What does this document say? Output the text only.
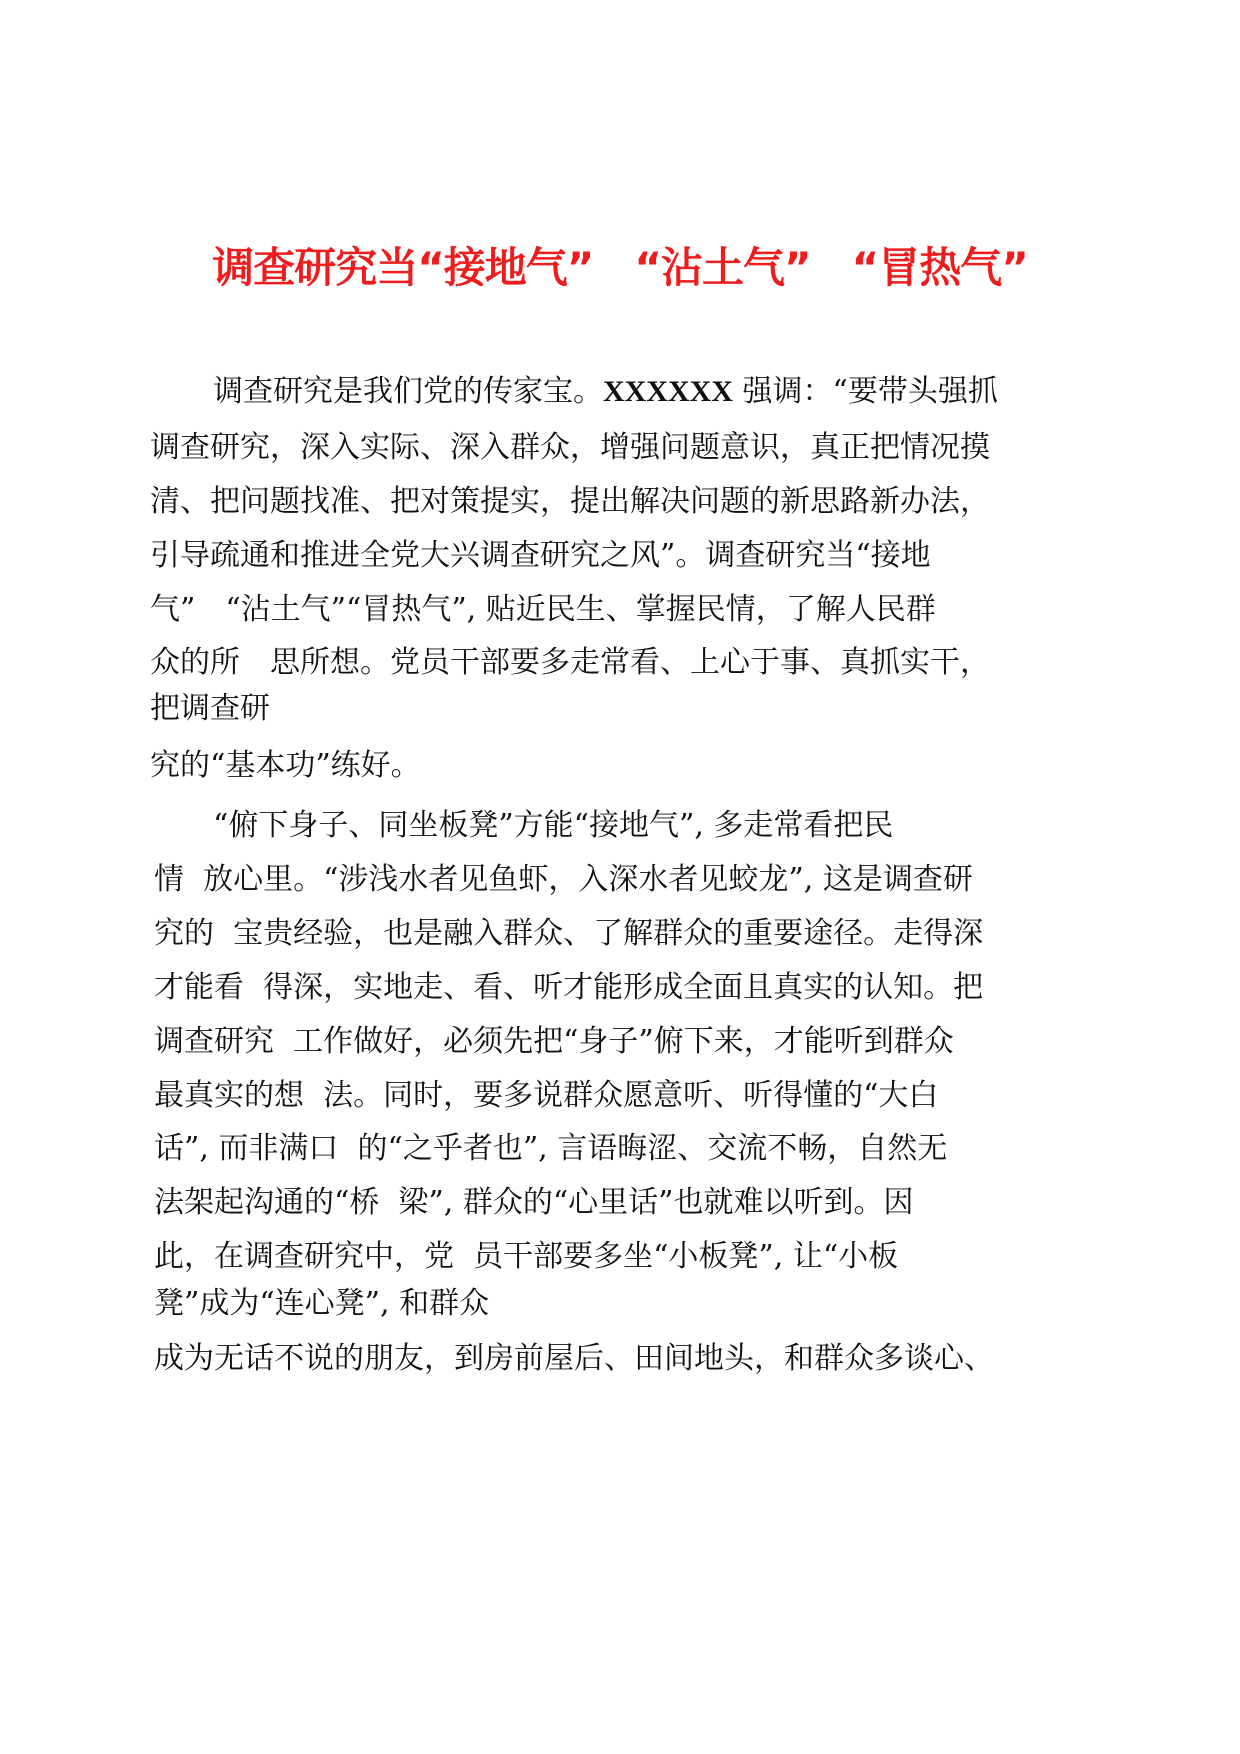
调查研究当“接地气”　“沾土气”　“冒热气”
调查研究是我们党的传家宝。XXXXXX 强调：“要带头强抓
调查研究，深入实际、深入群众，增强问题意识，真正把情况摸
清、把问题找准、把对策提实，提出解决问题的新思路新办法，
引导疏通和推进全党大兴调查研究之风”。调查研究当“接地
气”　“沾土气”“冒热气”, 贴近民生、掌握民情，了解人民群
众的所　思所想。党员干部要多走常看、上心于事、真抓实干，
把调查研
究的“基本功”练好。
“俯下身子、同坐板凳”方能“接地气”, 多走常看把民
情  放心里。“涉浅水者见鱼虾，入深水者见蛟龙”, 这是调查研
究的  宝贵经验，也是融入群众、了解群众的重要途径。走得深
才能看  得深，实地走、看、听才能形成全面且真实的认知。把
调查研究  工作做好，必须先把“身子”俯下来，才能听到群众
最真实的想  法。同时，要多说群众愿意听、听得懂的“大白
话”, 而非满口  的“之乎者也”, 言语晦涩、交流不畅，自然无
法架起沟通的“桥  梁”, 群众的“心里话”也就难以听到。因
此，在调查研究中，党  员干部要多坐“小板凳”, 让“小板
凳”成为“连心凳”, 和群众
成为无话不说的朋友，到房前屋后、田间地头，和群众多谈心、
